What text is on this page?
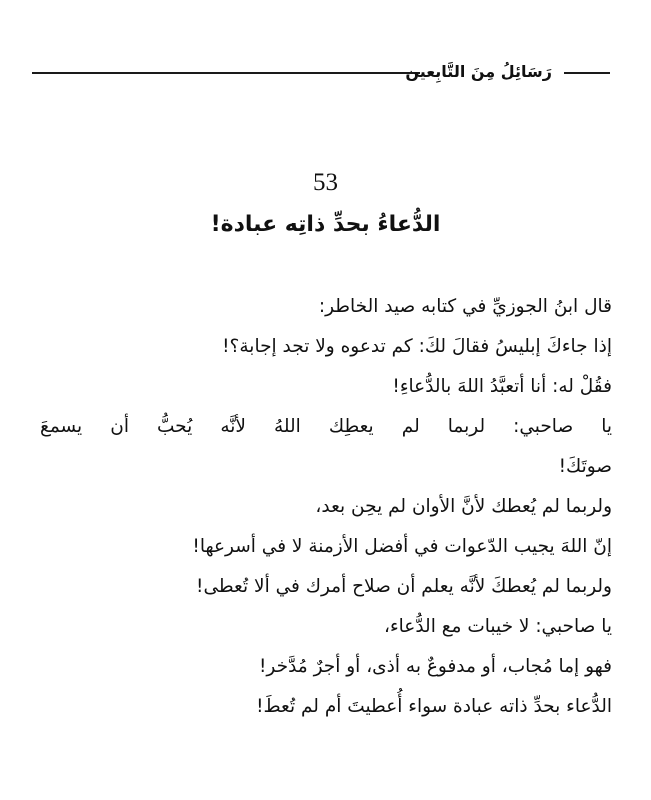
رَسَائِلُ مِنَ التَّابِعين
53
الدُّعاءُ بحدِّ ذاتِه عبادة!
قال ابنُ الجوزيِّ في كتابه صيد الخاطر:
إذا جاءكَ إبليسُ فقالَ لكَ: كم تدعوه ولا تجد إجابة؟!
فقُلْ له: أنا أتعبَّدُ اللهَ بالدُّعاءِ!
يا صاحبي: لربما لم يعطِك اللهُ لأنَّه يُحبُّ أن يسمعَ
صوتَكَ!
ولربما لم يُعطك لأنَّ الأوان لم يحِن بعد،
إنّ اللهَ يجيب الدّعوات في أفضل الأزمنة لا في أسرعها!
ولربما لم يُعطكَ لأنَّه يعلم أن صلاح أمرك في ألا تُعطى!
يا صاحبي: لا خيبات مع الدُّعاء،
فهو إما مُجاب، أو مدفوعٌ به أذى، أو أجرٌ مُدَّخر!
الدُّعاء بحدِّ ذاته عبادة سواء أُعطيتَ أم لم تُعطَ!
